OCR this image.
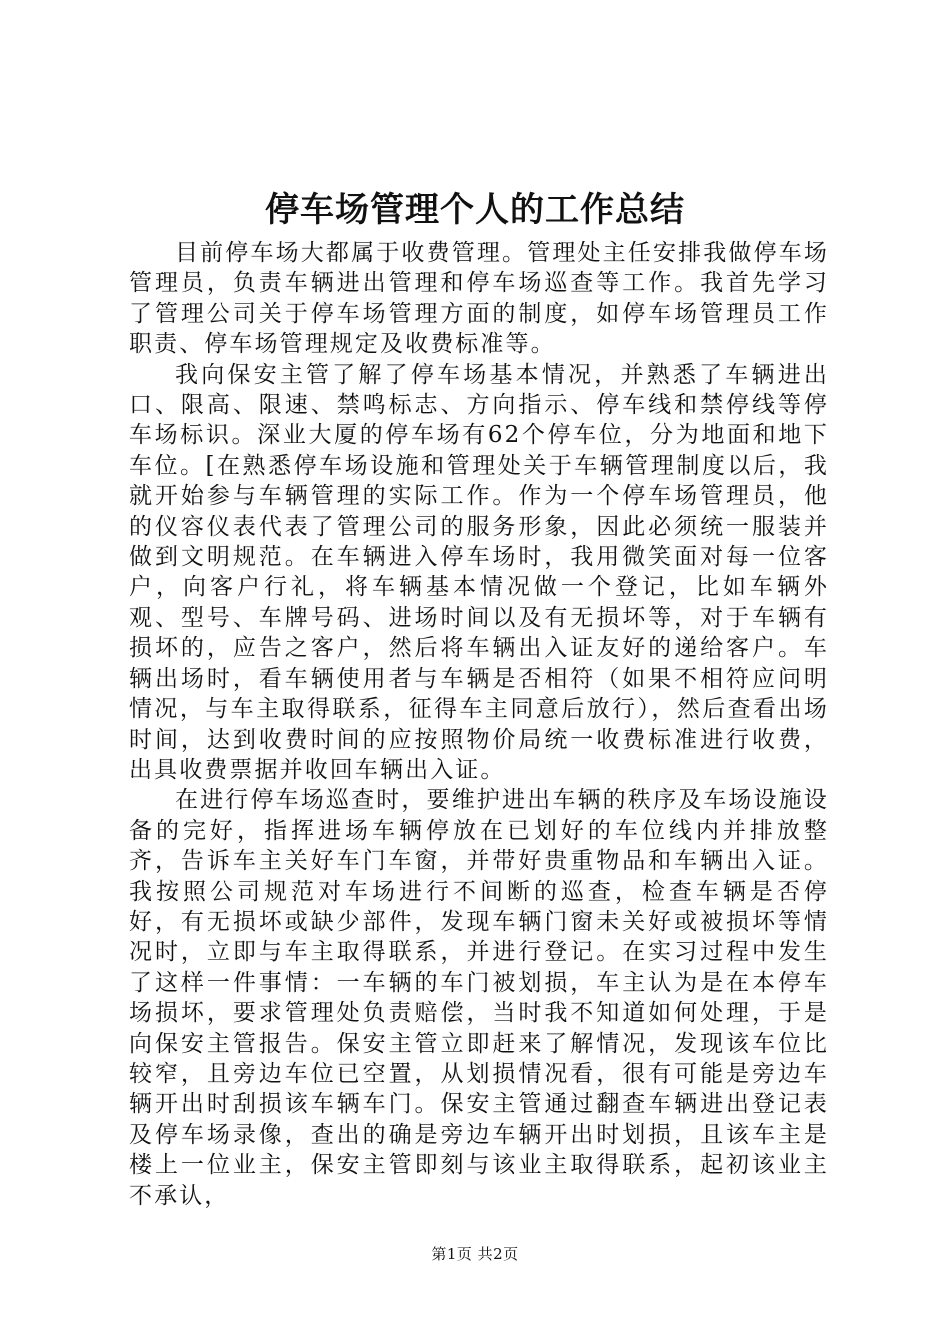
停车场管理个人的工作总结

目前停车场大都属于收费管理。管理处主任安排我做停车场管理员，负责车辆进出管理和停车场巡查等工作。我首先学习了管理公司关于停车场管理方面的制度，如停车场管理员工作职责、停车场管理规定及收费标准等。

我向保安主管了解了停车场基本情况，并熟悉了车辆进出口、限高、限速、禁鸣标志、方向指示、停车线和禁停线等停车场标识。深业大厦的停车场有62个停车位，分为地面和地下车位。[在熟悉停车场设施和管理处关于车辆管理制度以后，我就开始参与车辆管理的实际工作。作为一个停车场管理员，他的仪容仪表代表了管理公司的服务形象，因此必须统一服装并做到文明规范。在车辆进入停车场时，我用微笑面对每一位客户，向客户行礼，将车辆基本情况做一个登记，比如车辆外观、型号、车牌号码、进场时间以及有无损坏等，对于车辆有损坏的，应告之客户，然后将车辆出入证友好的递给客户。车辆出场时，看车辆使用者与车辆是否相符（如果不相符应问明情况，与车主取得联系，征得车主同意后放行），然后查看出场时间，达到收费时间的应按照物价局统一收费标准进行收费，出具收费票据并收回车辆出入证。

在进行停车场巡查时，要维护进出车辆的秩序及车场设施设备的完好，指挥进场车辆停放在已划好的车位线内并排放整齐，告诉车主关好车门车窗，并带好贵重物品和车辆出入证。我按照公司规范对车场进行不间断的巡查，检查车辆是否停好，有无损坏或缺少部件，发现车辆门窗未关好或被损坏等情况时，立即与车主取得联系，并进行登记。在实习过程中发生了这样一件事情：一车辆的车门被划损，车主认为是在本停车场损坏，要求管理处负责赔偿，当时我不知道如何处理，于是向保安主管报告。保安主管立即赶来了解情况，发现该车位比较窄，且旁边车位已空置，从划损情况看，很有可能是旁边车辆开出时刮损该车辆车门。保安主管通过翻查车辆进出登记表及停车场录像，查出的确是旁边车辆开出时划损，且该车主是楼上一位业主，保安主管即刻与该业主取得联系，起初该业主不承认，

第1页 共2页
